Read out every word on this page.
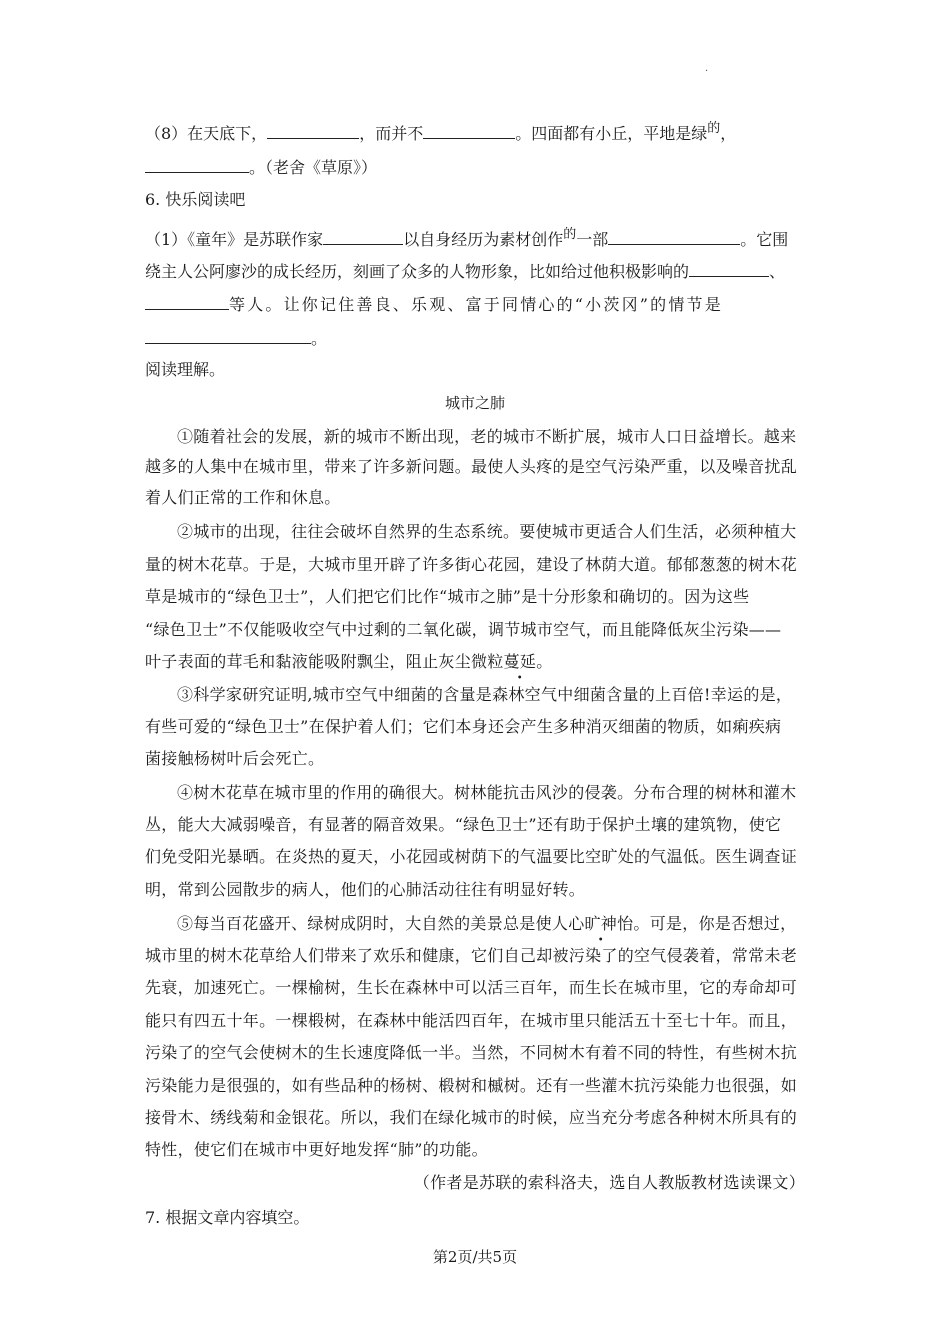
·
（8）在天底下，	，而并不	。四面都有小丘，平地是绿$^的$，
。（老舍《草原》）
6. 快乐阅读吧
（1）《童年》是苏联作家	以自身经历为素材创作$^的$一部	。它围
绕主人公阿廖沙的成长经历，刻画了众多的人物形象，比如给过他积极影响的	、
等人。让你记住善良、乐观、富于同情心的“小茨冈”的情节是
。
阅读理解。
城市之肺
①随着社会的发展，新的城市不断出现，老的城市不断扩展，城市人口日益增长。越来
越多的人集中在城市里，带来了许多新问题。最使人头疼的是空气污染严重，以及噪音扰乱
着人们正常的工作和休息。
②城市的出现，往往会破坏自然界的生态系统。要使城市更适合人们生活，必须种植大
量的树木花草。于是，大城市里开辟了许多街心花园，建设了林荫大道。郁郁葱葱的树木花
草是城市的“绿色卫士”，人们把它们比作“城市之肺”是十分形象和确切的。因为这些
“绿色卫士”不仅能吸收空气中过剩的二氧化碳，调节城市空气，而且能降低灰尘污染——
叶子表面的茸毛和黏液能吸附飘尘，阻止灰尘微粒蔓延。
③科学家研究证明,城市空气中细菌的含量是森林空气中细菌含量的上百倍!幸运的是，
有些可爱的“绿色卫士”在保护着人们；它们本身还会产生多种消灭细菌的物质，如痢疾病
菌接触杨树叶后会死亡。
④树木花草在城市里的作用的确很大。树林能抗击风沙的侵袭。分布合理的树林和灌木
丛，能大大减弱噪音，有显著的隔音效果。“绿色卫士”还有助于保护土壤的建筑物，使它
们免受阳光暴晒。在炎热的夏天，小花园或树荫下的气温要比空旷处的气温低。医生调查证
明，常到公园散步的病人，他们的心肺活动往往有明显好转。
⑤每当百花盛开、绿树成阴时，大自然的美景总是使人心旷神怡。可是，你是否想过，
城市里的树木花草给人们带来了欢乐和健康，它们自己却被污染了的空气侵袭着，常常未老
先衰，加速死亡。一棵榆树，生长在森林中可以活三百年，而生长在城市里，它的寿命却可
能只有四五十年。一棵椴树，在森林中能活四百年，在城市里只能活五十至七十年。而且，
污染了的空气会使树木的生长速度降低一半。当然，不同树木有着不同的特性，有些树木抗
污染能力是很强的，如有些品种的杨树、椴树和槭树。还有一些灌木抗污染能力也很强，如
接骨木、绣线菊和金银花。所以，我们在绿化城市的时候，应当充分考虑各种树木所具有的
特性，使它们在城市中更好地发挥“肺”的功能。
（作者是苏联的索科洛夫，选自人教版教材选读课文）
7. 根据文章内容填空。
第2页/共5页
